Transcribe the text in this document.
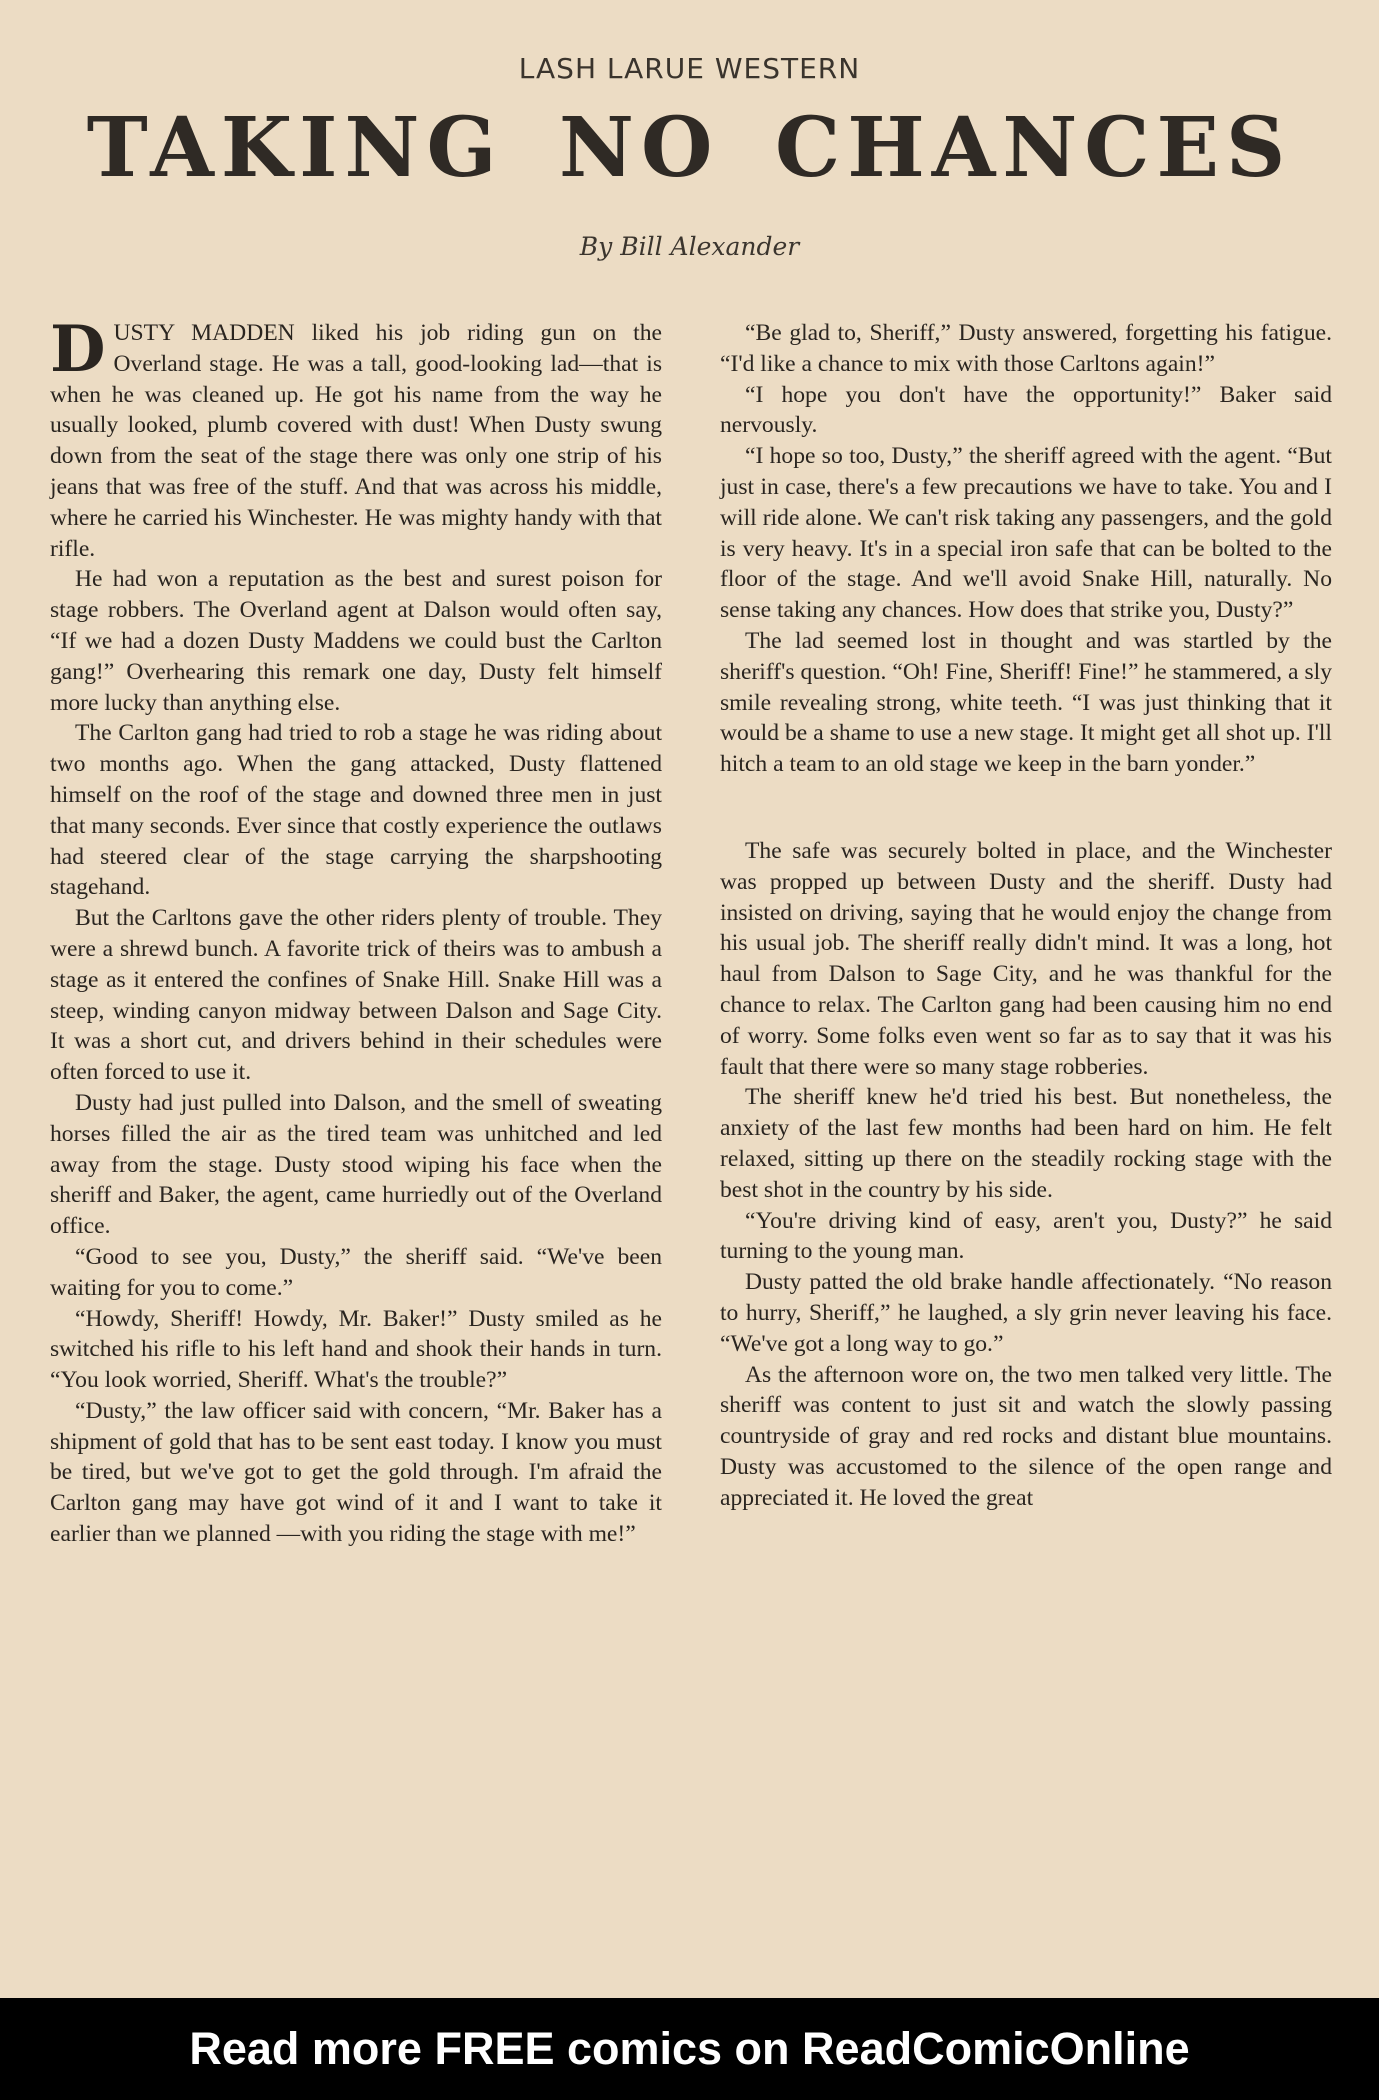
LASH LARUE WESTERN
TAKING NO CHANCES
By Bill Alexander

DUSTY MADDEN liked his job riding gun on the Overland stage. He was a tall, good-looking lad—that is when he was cleaned up. He got his name from the way he usually looked, plumb covered with dust! When Dusty swung down from the seat of the stage there was only one strip of his jeans that was free of the stuff. And that was across his middle, where he carried his Winchester. He was mighty handy with that rifle.

He had won a reputation as the best and surest poison for stage robbers. The Overland agent at Dalson would often say, “If we had a dozen Dusty Maddens we could bust the Carlton gang!” Overhearing this remark one day, Dusty felt himself more lucky than anything else.

The Carlton gang had tried to rob a stage he was riding about two months ago. When the gang attacked, Dusty flattened himself on the roof of the stage and downed three men in just that many seconds. Ever since that costly experience the outlaws had steered clear of the stage carrying the sharpshooting stagehand.

But the Carltons gave the other riders plenty of trouble. They were a shrewd bunch. A favorite trick of theirs was to ambush a stage as it entered the confines of Snake Hill. Snake Hill was a steep, winding canyon midway between Dalson and Sage City. It was a short cut, and drivers behind in their schedules were often forced to use it.

Dusty had just pulled into Dalson, and the smell of sweating horses filled the air as the tired team was unhitched and led away from the stage. Dusty stood wiping his face when the sheriff and Baker, the agent, came hurriedly out of the Overland office.

“Good to see you, Dusty,” the sheriff said. “We've been waiting for you to come.”

“Howdy, Sheriff! Howdy, Mr. Baker!” Dusty smiled as he switched his rifle to his left hand and shook their hands in turn. “You look worried, Sheriff. What's the trouble?”

“Dusty,” the law officer said with concern, “Mr. Baker has a shipment of gold that has to be sent east today. I know you must be tired, but we've got to get the gold through. I'm afraid the Carlton gang may have got wind of it and I want to take it earlier than we planned —with you riding the stage with me!”

“Be glad to, Sheriff,” Dusty answered, forgetting his fatigue. “I'd like a chance to mix with those Carltons again!”

“I hope you don't have the opportunity!” Baker said nervously.

“I hope so too, Dusty,” the sheriff agreed with the agent. “But just in case, there's a few precautions we have to take. You and I will ride alone. We can't risk taking any passengers, and the gold is very heavy. It's in a special iron safe that can be bolted to the floor of the stage. And we'll avoid Snake Hill, naturally. No sense taking any chances. How does that strike you, Dusty?”

The lad seemed lost in thought and was startled by the sheriff's question. “Oh! Fine, Sheriff! Fine!” he stammered, a sly smile revealing strong, white teeth. “I was just thinking that it would be a shame to use a new stage. It might get all shot up. I'll hitch a team to an old stage we keep in the barn yonder.”

The safe was securely bolted in place, and the Winchester was propped up between Dusty and the sheriff. Dusty had insisted on driving, saying that he would enjoy the change from his usual job. The sheriff really didn't mind. It was a long, hot haul from Dalson to Sage City, and he was thankful for the chance to relax. The Carlton gang had been causing him no end of worry. Some folks even went so far as to say that it was his fault that there were so many stage robberies.

The sheriff knew he'd tried his best. But nonetheless, the anxiety of the last few months had been hard on him. He felt relaxed, sitting up there on the steadily rocking stage with the best shot in the country by his side.

“You're driving kind of easy, aren't you, Dusty?” he said turning to the young man.

Dusty patted the old brake handle affectionately. “No reason to hurry, Sheriff,” he laughed, a sly grin never leaving his face. “We've got a long way to go.”

As the afternoon wore on, the two men talked very little. The sheriff was content to just sit and watch the slowly passing countryside of gray and red rocks and distant blue mountains. Dusty was accustomed to the silence of the open range and appreciated it. He loved the great

Read more FREE comics on ReadComicOnline
